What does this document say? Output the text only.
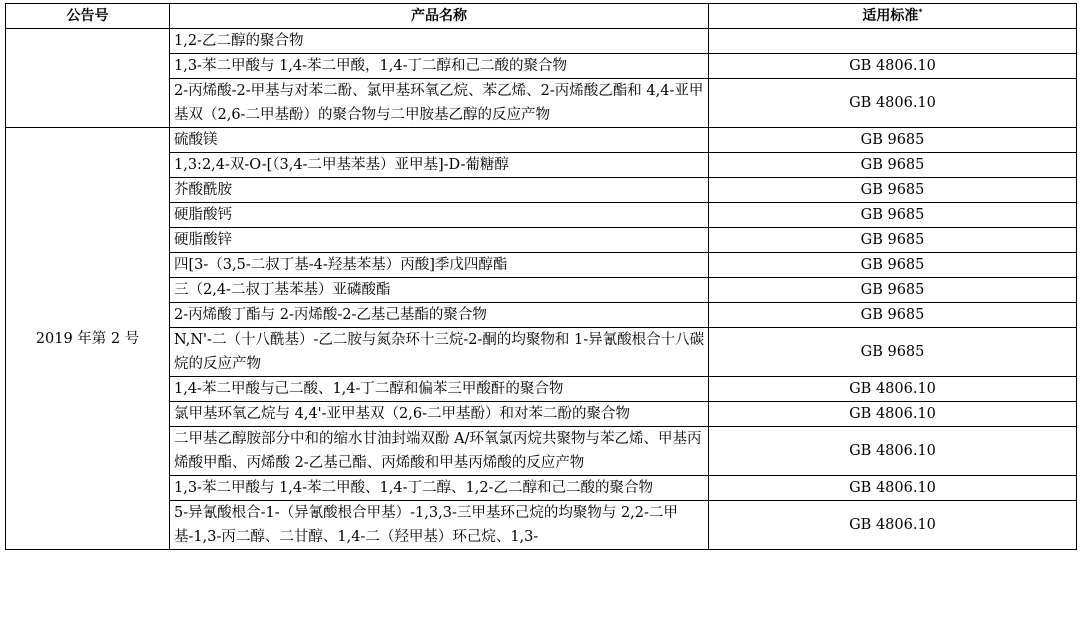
公告号	产品名称	适用标准*
	1,2-乙二醇的聚合物	
	1,3-苯二甲酸与 1,4-苯二甲酸，1,4-丁二醇和己二酸的聚合物	GB 4806.10
	2-丙烯酸-2-甲基与对苯二酚、氯甲基环氧乙烷、苯乙烯、2-丙烯酸乙酯和 4,4-亚甲基双（2,6-二甲基酚）的聚合物与二甲胺基乙醇的反应产物	GB 4806.10
2019 年第 2 号	硫酸镁	GB 9685
	1,3:2,4-双-O-[（3,4-二甲基苯基）亚甲基]-D-葡糖醇	GB 9685
	芥酸酰胺	GB 9685
	硬脂酸钙	GB 9685
	硬脂酸锌	GB 9685
	四[3-（3,5-二叔丁基-4-羟基苯基）丙酸]季戊四醇酯	GB 9685
	三（2,4-二叔丁基苯基）亚磷酸酯	GB 9685
	2-丙烯酸丁酯与 2-丙烯酸-2-乙基己基酯的聚合物	GB 9685
	N,N'-二（十八酰基）-乙二胺与氮杂环十三烷-2-酮的均聚物和 1-异氰酸根合十八碳烷的反应产物	GB 9685
	1,4-苯二甲酸与己二酸、1,4-丁二醇和偏苯三甲酸酐的聚合物	GB 4806.10
	氯甲基环氧乙烷与 4,4'-亚甲基双（2,6-二甲基酚）和对苯二酚的聚合物	GB 4806.10
	二甲基乙醇胺部分中和的缩水甘油封端双酚 A/环氧氯丙烷共聚物与苯乙烯、甲基丙烯酸甲酯、丙烯酸 2-乙基己酯、丙烯酸和甲基丙烯酸的反应产物	GB 4806.10
	1,3-苯二甲酸与 1,4-苯二甲酸、1,4-丁二醇、1,2-乙二醇和己二酸的聚合物	GB 4806.10
	5-异氰酸根合-1-（异氰酸根合甲基）-1,3,3-三甲基环己烷的均聚物与 2,2-二甲基-1,3-丙二醇、二甘醇、1,4-二（羟甲基）环己烷、1,3-	GB 4806.10
